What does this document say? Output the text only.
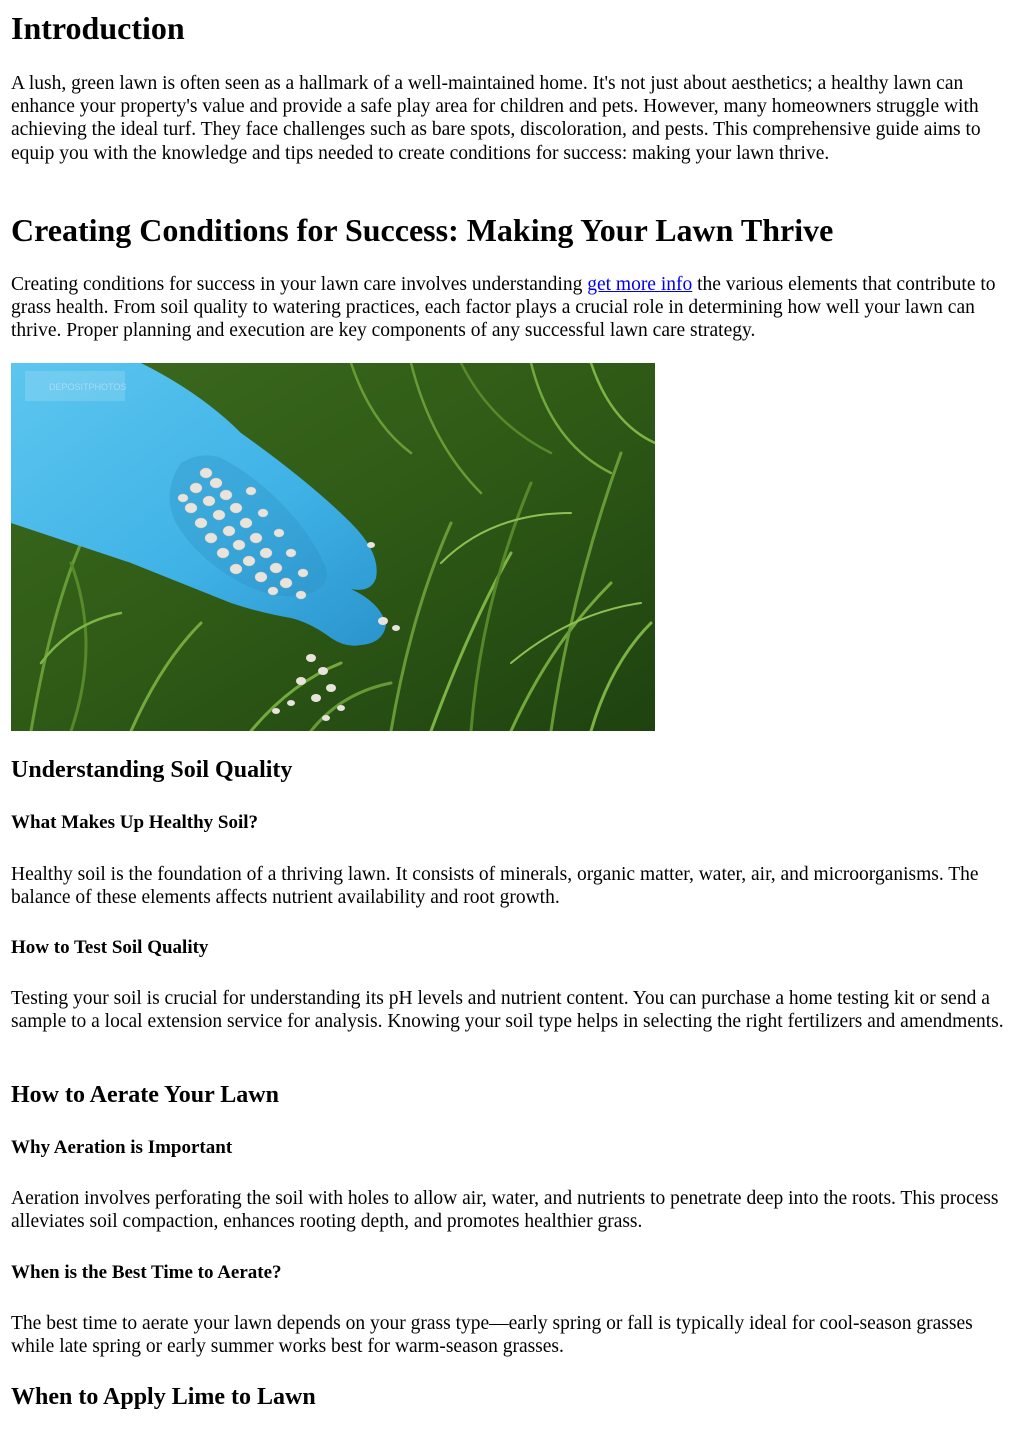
Introduction

A lush, green lawn is often seen as a hallmark of a well-maintained home. It's not just about aesthetics; a healthy lawn can enhance your property's value and provide a safe play area for children and pets. However, many homeowners struggle with achieving the ideal turf. They face challenges such as bare spots, discoloration, and pests. This comprehensive guide aims to equip you with the knowledge and tips needed to create conditions for success: making your lawn thrive.

Creating Conditions for Success: Making Your Lawn Thrive

Creating conditions for success in your lawn care involves understanding get more info the various elements that contribute to grass health. From soil quality to watering practices, each factor plays a crucial role in determining how well your lawn can thrive. Proper planning and execution are key components of any successful lawn care strategy.

DEPOSITPHOTOS
Understanding Soil Quality
What Makes Up Healthy Soil?

Healthy soil is the foundation of a thriving lawn. It consists of minerals, organic matter, water, air, and microorganisms. The balance of these elements affects nutrient availability and root growth.

How to Test Soil Quality

Testing your soil is crucial for understanding its pH levels and nutrient content. You can purchase a home testing kit or send a sample to a local extension service for analysis. Knowing your soil type helps in selecting the right fertilizers and amendments.

How to Aerate Your Lawn
Why Aeration is Important

Aeration involves perforating the soil with holes to allow air, water, and nutrients to penetrate deep into the roots. This process alleviates soil compaction, enhances rooting depth, and promotes healthier grass.

When is the Best Time to Aerate?

The best time to aerate your lawn depends on your grass type—early spring or fall is typically ideal for cool-season grasses while late spring or early summer works best for warm-season grasses.

When to Apply Lime to Lawn
